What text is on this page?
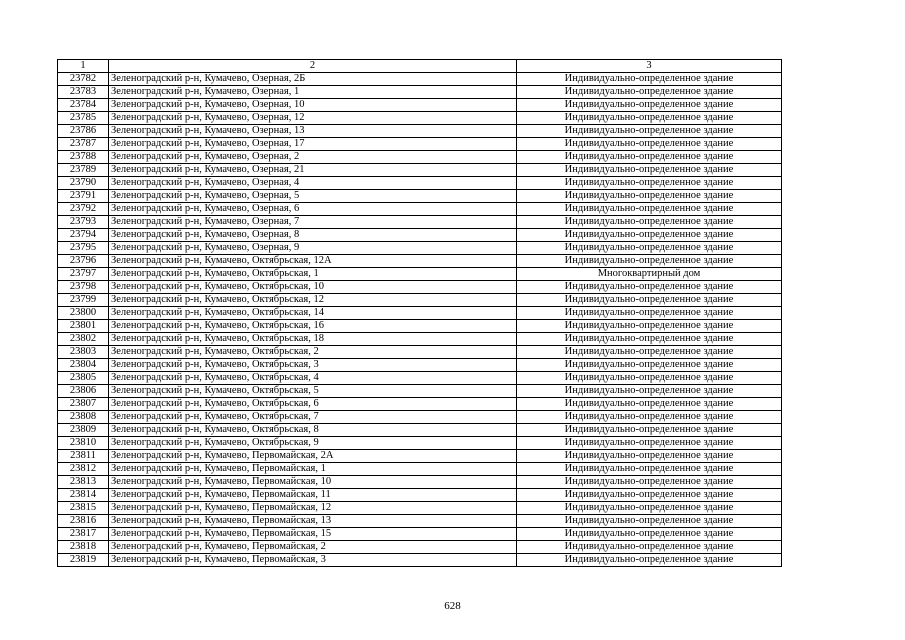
1	2	3
23782	Зеленоградский р-н, Кумачево, Озерная, 2Б	Индивидуально-определенное здание
23783	Зеленоградский р-н, Кумачево, Озерная, 1	Индивидуально-определенное здание
23784	Зеленоградский р-н, Кумачево, Озерная, 10	Индивидуально-определенное здание
23785	Зеленоградский р-н, Кумачево, Озерная, 12	Индивидуально-определенное здание
23786	Зеленоградский р-н, Кумачево, Озерная, 13	Индивидуально-определенное здание
23787	Зеленоградский р-н, Кумачево, Озерная, 17	Индивидуально-определенное здание
23788	Зеленоградский р-н, Кумачево, Озерная, 2	Индивидуально-определенное здание
23789	Зеленоградский р-н, Кумачево, Озерная, 21	Индивидуально-определенное здание
23790	Зеленоградский р-н, Кумачево, Озерная, 4	Индивидуально-определенное здание
23791	Зеленоградский р-н, Кумачево, Озерная, 5	Индивидуально-определенное здание
23792	Зеленоградский р-н, Кумачево, Озерная, 6	Индивидуально-определенное здание
23793	Зеленоградский р-н, Кумачево, Озерная, 7	Индивидуально-определенное здание
23794	Зеленоградский р-н, Кумачево, Озерная, 8	Индивидуально-определенное здание
23795	Зеленоградский р-н, Кумачево, Озерная, 9	Индивидуально-определенное здание
23796	Зеленоградский р-н, Кумачево, Октябрьская, 12А	Индивидуально-определенное здание
23797	Зеленоградский р-н, Кумачево, Октябрьская, 1	Многоквартирный дом
23798	Зеленоградский р-н, Кумачево, Октябрьская, 10	Индивидуально-определенное здание
23799	Зеленоградский р-н, Кумачево, Октябрьская, 12	Индивидуально-определенное здание
23800	Зеленоградский р-н, Кумачево, Октябрьская, 14	Индивидуально-определенное здание
23801	Зеленоградский р-н, Кумачево, Октябрьская, 16	Индивидуально-определенное здание
23802	Зеленоградский р-н, Кумачево, Октябрьская, 18	Индивидуально-определенное здание
23803	Зеленоградский р-н, Кумачево, Октябрьская, 2	Индивидуально-определенное здание
23804	Зеленоградский р-н, Кумачево, Октябрьская, 3	Индивидуально-определенное здание
23805	Зеленоградский р-н, Кумачево, Октябрьская, 4	Индивидуально-определенное здание
23806	Зеленоградский р-н, Кумачево, Октябрьская, 5	Индивидуально-определенное здание
23807	Зеленоградский р-н, Кумачево, Октябрьская, 6	Индивидуально-определенное здание
23808	Зеленоградский р-н, Кумачево, Октябрьская, 7	Индивидуально-определенное здание
23809	Зеленоградский р-н, Кумачево, Октябрьская, 8	Индивидуально-определенное здание
23810	Зеленоградский р-н, Кумачево, Октябрьская, 9	Индивидуально-определенное здание
23811	Зеленоградский р-н, Кумачево, Первомайская, 2А	Индивидуально-определенное здание
23812	Зеленоградский р-н, Кумачево, Первомайская, 1	Индивидуально-определенное здание
23813	Зеленоградский р-н, Кумачево, Первомайская, 10	Индивидуально-определенное здание
23814	Зеленоградский р-н, Кумачево, Первомайская, 11	Индивидуально-определенное здание
23815	Зеленоградский р-н, Кумачево, Первомайская, 12	Индивидуально-определенное здание
23816	Зеленоградский р-н, Кумачево, Первомайская, 13	Индивидуально-определенное здание
23817	Зеленоградский р-н, Кумачево, Первомайская, 15	Индивидуально-определенное здание
23818	Зеленоградский р-н, Кумачево, Первомайская, 2	Индивидуально-определенное здание
23819	Зеленоградский р-н, Кумачево, Первомайская, 3	Индивидуально-определенное здание
628
